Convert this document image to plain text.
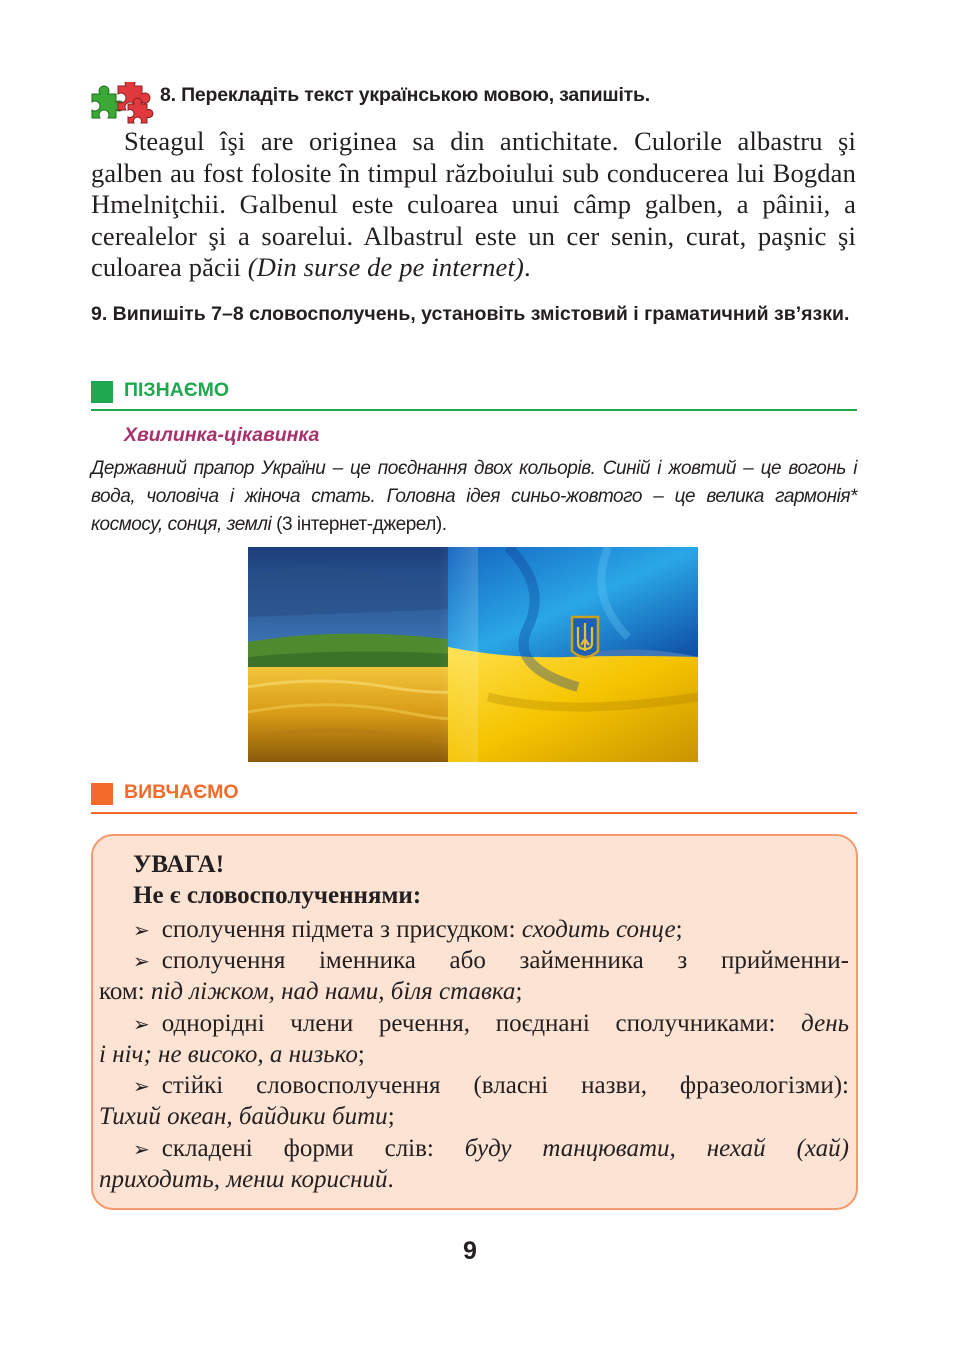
8. Перекладіть текст українською мовою, запишіть.
Steagul îşi are originea sa din antichitate. Culorile albastru şi galben au fost folosite în timpul războiului sub conducerea lui Bogdan Hmelniţchii. Galbenul este culoarea unui câmp galben, a pâinii, a cerealelor şi a soarelui. Albastrul este un cer senin, curat, paşnic şi culoarea păcii (Din surse de pe internet).
9. Випишіть 7–8 словосполучень, установіть змістовий і граматичний зв’язки.
ПІЗНАЄМО
Хвилинка-цікавинка
Державний прапор України – це поєднання двох кольорів. Синій і жовтий – це вогонь і вода, чоловіча і жіноча стать. Головна ідея синьо-жовтого – це велика гармонія* космосу, сонця, землі (3 інтернет-джерел).
ВИВЧАЄМО
УВАГА!
Не є словосполученнями:
➢ сполучення підмета з присудком: сходить сонце;
➢ сполучення іменника або займенника з прийменни-
ком: під ліжком, над нами, біля ставка;
➢ однорідні члени речення, поєднані сполучниками: день
і ніч; не високо, а низько;
➢ стійкі словосполучення (власні назви, фразеологізми):
Тихий океан, байдики бити;
➢ складені форми слів: буду танцювати, нехай (хай)
приходить, менш корисний.
9
